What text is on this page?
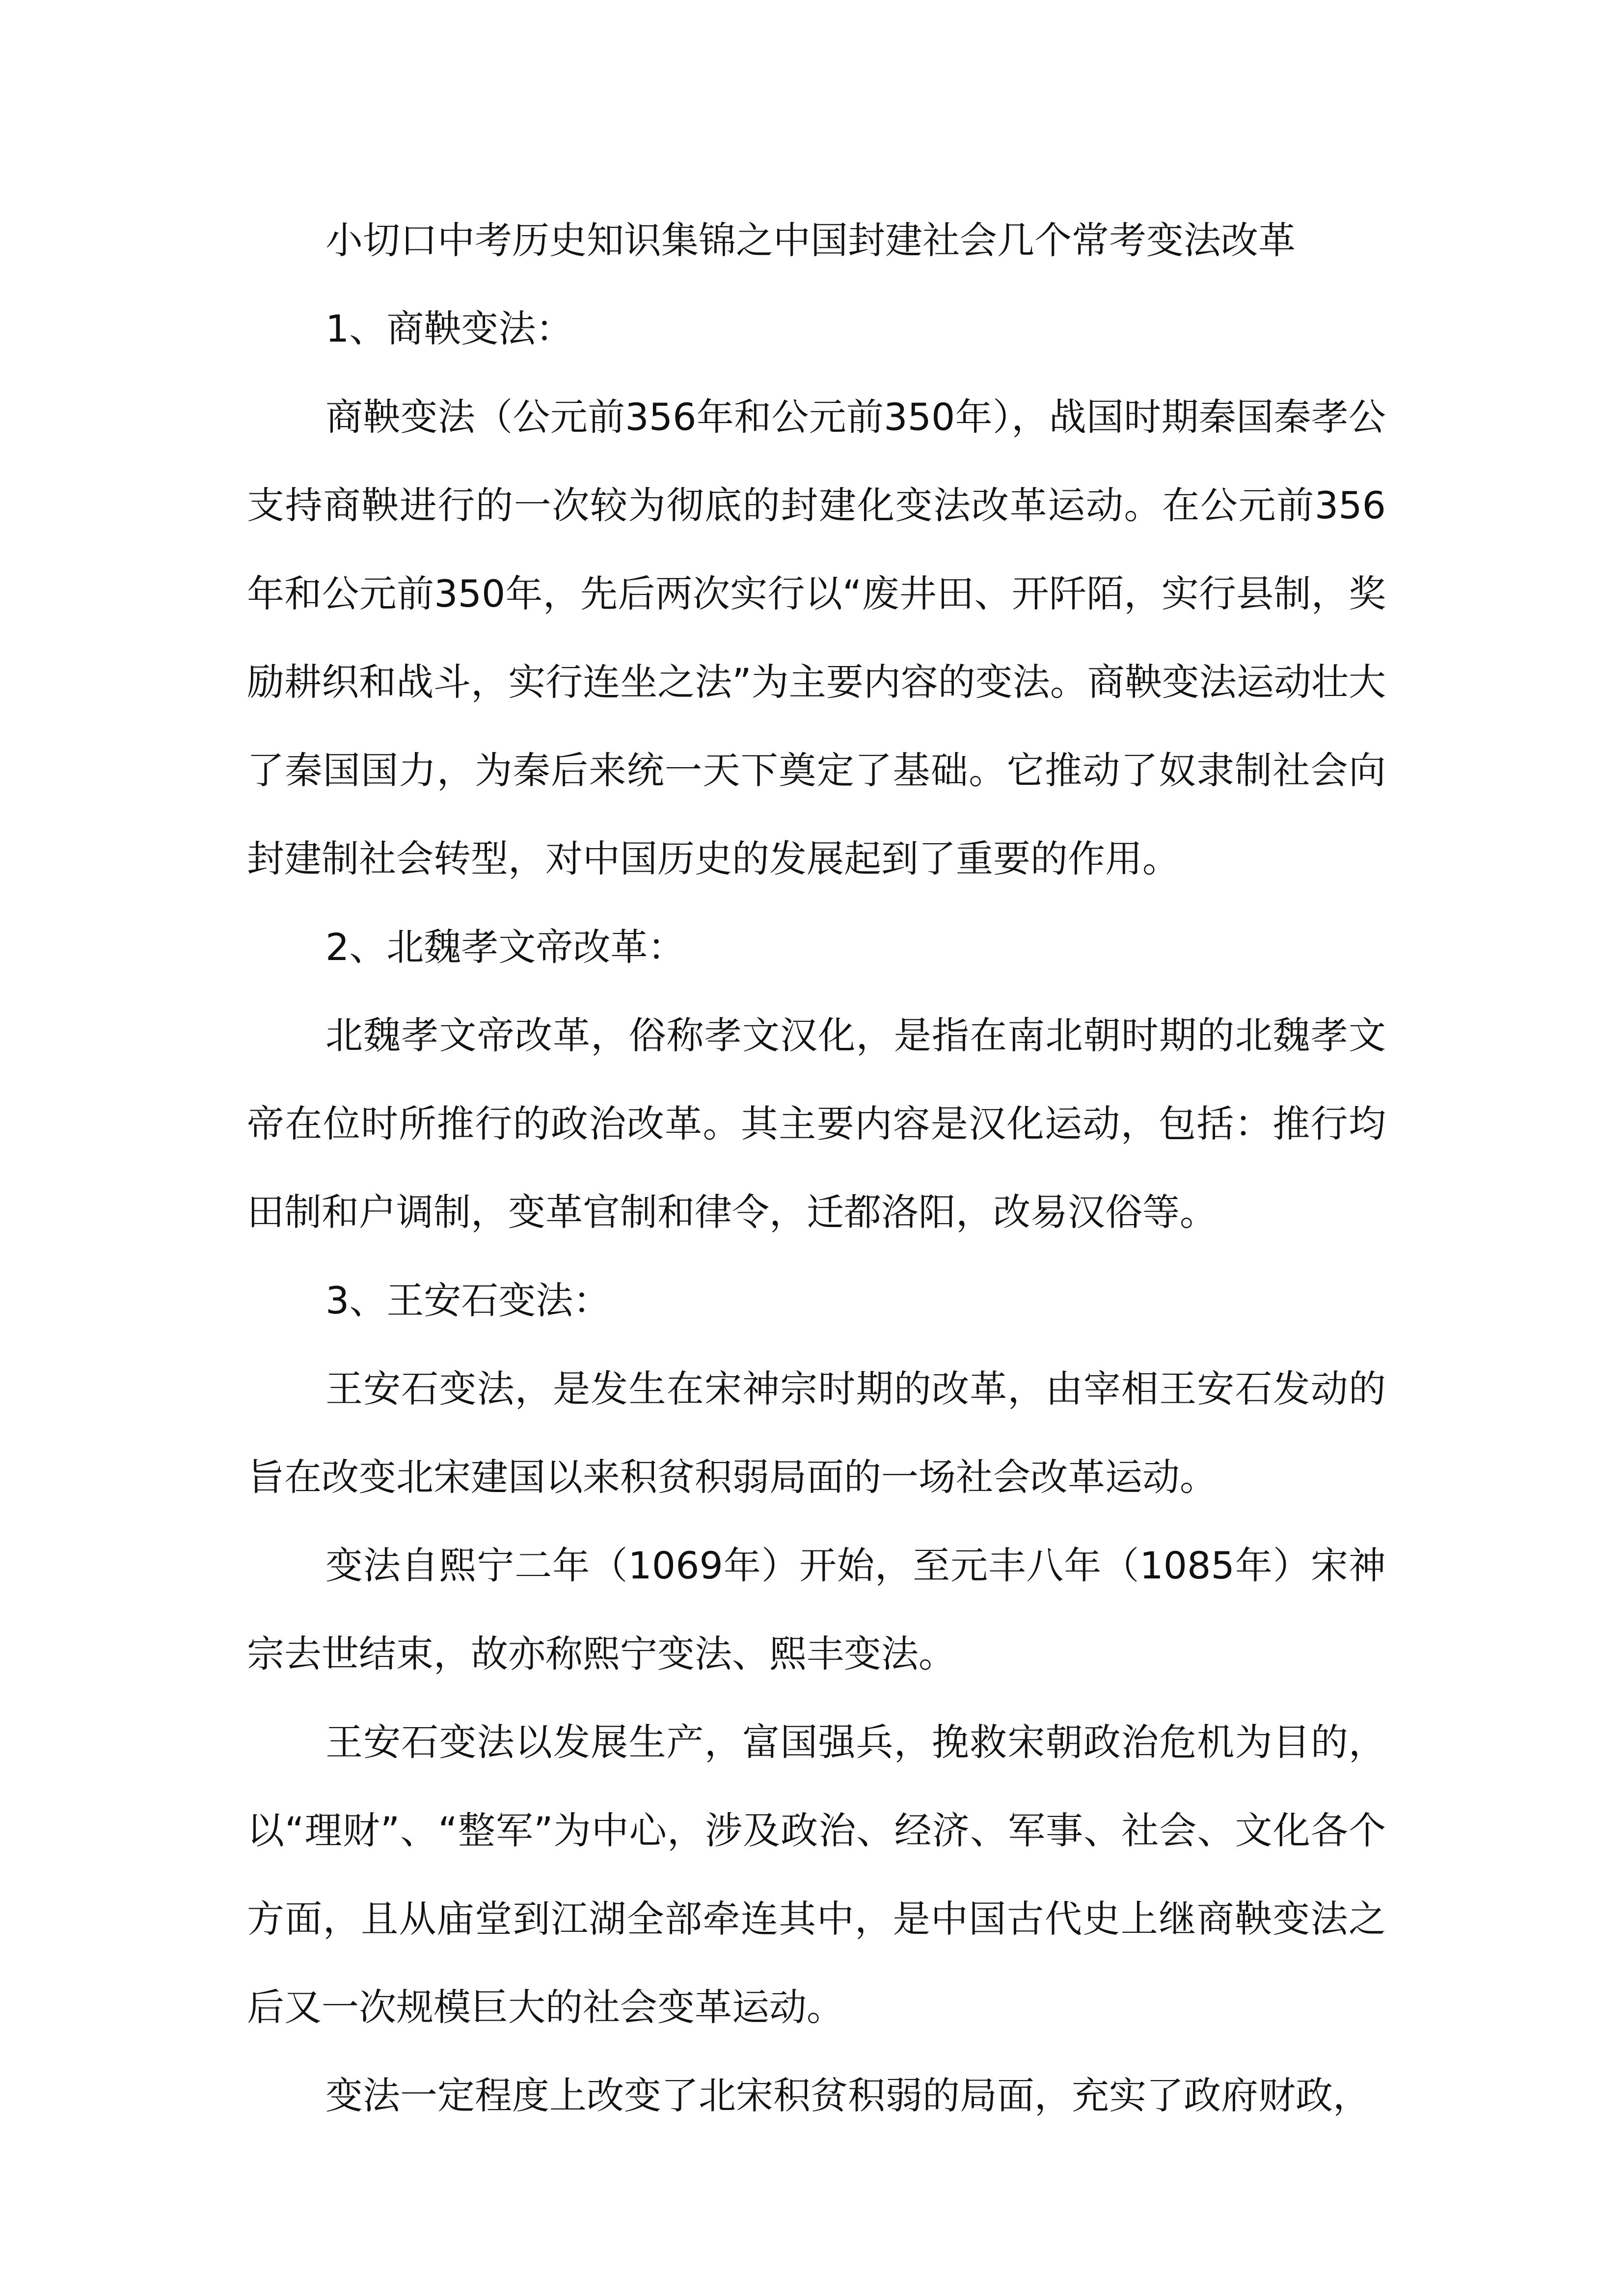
小切口中考历史知识集锦之中国封建社会几个常考变法改革
1、商鞅变法：

商鞅变法（公元前356年和公元前350年），战国时期秦国秦孝公支持商鞅进行的一次较为彻底的封建化变法改革运动。在公元前356年和公元前350年，先后两次实行以“废井田、开阡陌，实行县制，奖励耕织和战斗，实行连坐之法”为主要内容的变法。商鞅变法运动壮大了秦国国力，为秦后来统一天下奠定了基础。它推动了奴隶制社会向封建制社会转型，对中国历史的发展起到了重要的作用。

2、北魏孝文帝改革：

北魏孝文帝改革，俗称孝文汉化，是指在南北朝时期的北魏孝文帝在位时所推行的政治改革。其主要内容是汉化运动，包括：推行均田制和户调制，变革官制和律令，迁都洛阳，改易汉俗等。

3、王安石变法：

王安石变法，是发生在宋神宗时期的改革，由宰相王安石发动的旨在改变北宋建国以来积贫积弱局面的一场社会改革运动。

变法自熙宁二年（1069年）开始，至元丰八年（1085年）宋神宗去世结束，故亦称熙宁变法、熙丰变法。

王安石变法以发展生产，富国强兵，挽救宋朝政治危机为目的，以“理财”、“整军”为中心，涉及政治、经济、军事、社会、文化各个方面，且从庙堂到江湖全部牵连其中，是中国古代史上继商鞅变法之后又一次规模巨大的社会变革运动。

变法一定程度上改变了北宋积贫积弱的局面，充实了政府财政，
